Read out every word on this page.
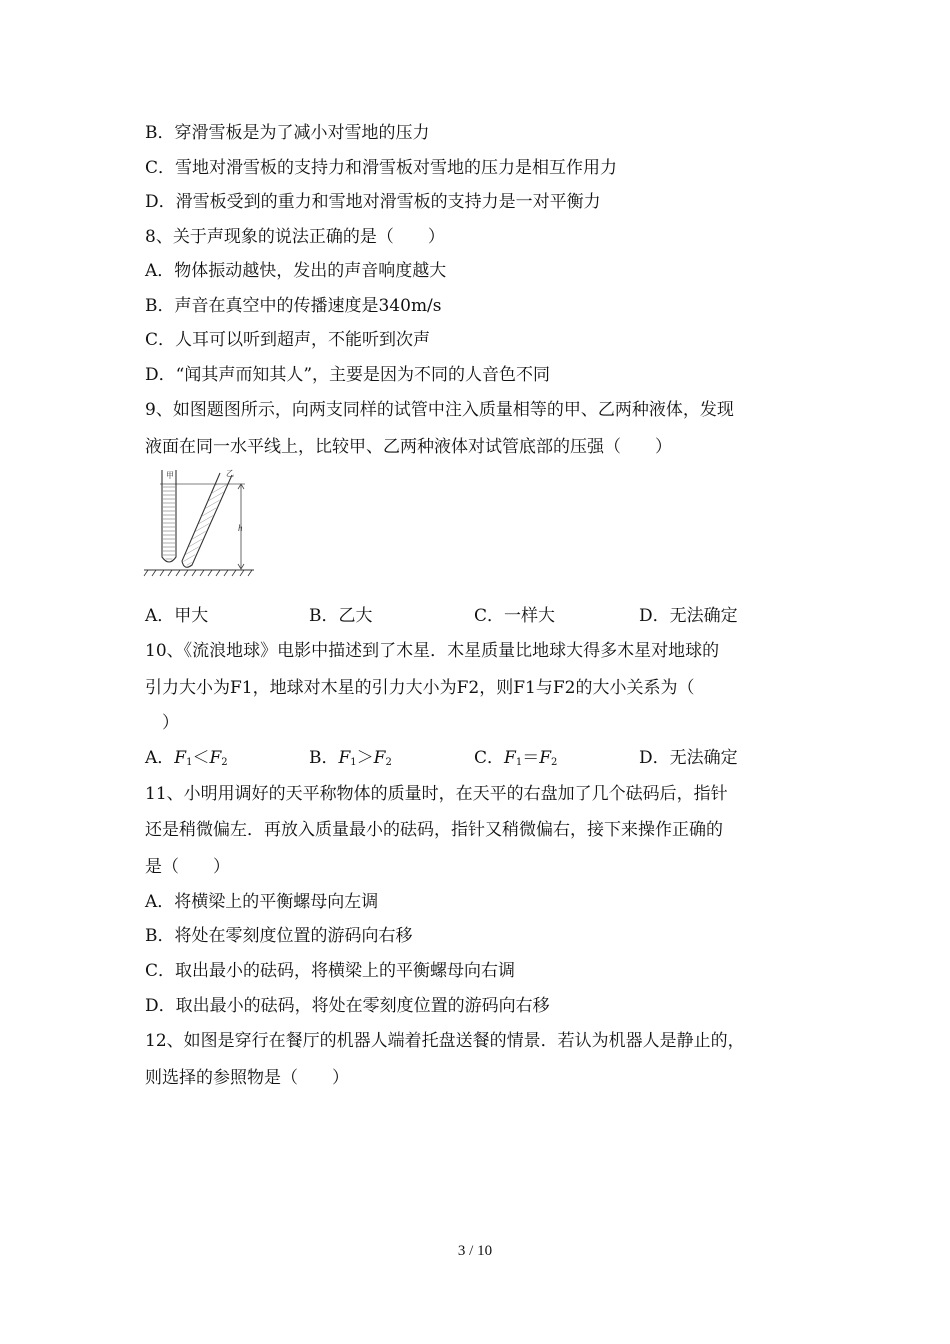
B．穿滑雪板是为了减小对雪地的压力
C．雪地对滑雪板的支持力和滑雪板对雪地的压力是相互作用力
D．滑雪板受到的重力和雪地对滑雪板的支持力是一对平衡力
8、关于声现象的说法正确的是（　　）
A．物体振动越快，发出的声音响度越大
B．声音在真空中的传播速度是340m/s
C．人耳可以听到超声，不能听到次声
D．“闻其声而知其人”，主要是因为不同的人音色不同
9、如图题图所示，向两支同样的试管中注入质量相等的甲、乙两种液体，发现
液面在同一水平线上，比较甲、乙两种液体对试管底部的压强（　　）
甲	乙
h
A．甲大	B．乙大	C．一样大	D．无法确定
10、《流浪地球》电影中描述到了木星．木星质量比地球大得多木星对地球的
引力大小为F1，地球对木星的引力大小为F2，则F1与F2的大小关系为（
　）
A．$F_1<F_2$	B．$F_1>F_2$	C．$F_1=F_2$	D．无法确定
11、小明用调好的天平称物体的质量时，在天平的右盘加了几个砝码后，指针
还是稍微偏左．再放入质量最小的砝码，指针又稍微偏右，接下来操作正确的
是（　　）
A．将横梁上的平衡螺母向左调
B．将处在零刻度位置的游码向右移
C．取出最小的砝码，将横梁上的平衡螺母向右调
D．取出最小的砝码，将处在零刻度位置的游码向右移
12、如图是穿行在餐厅的机器人端着托盘送餐的情景．若认为机器人是静止的，
则选择的参照物是（　　）
3 / 10
